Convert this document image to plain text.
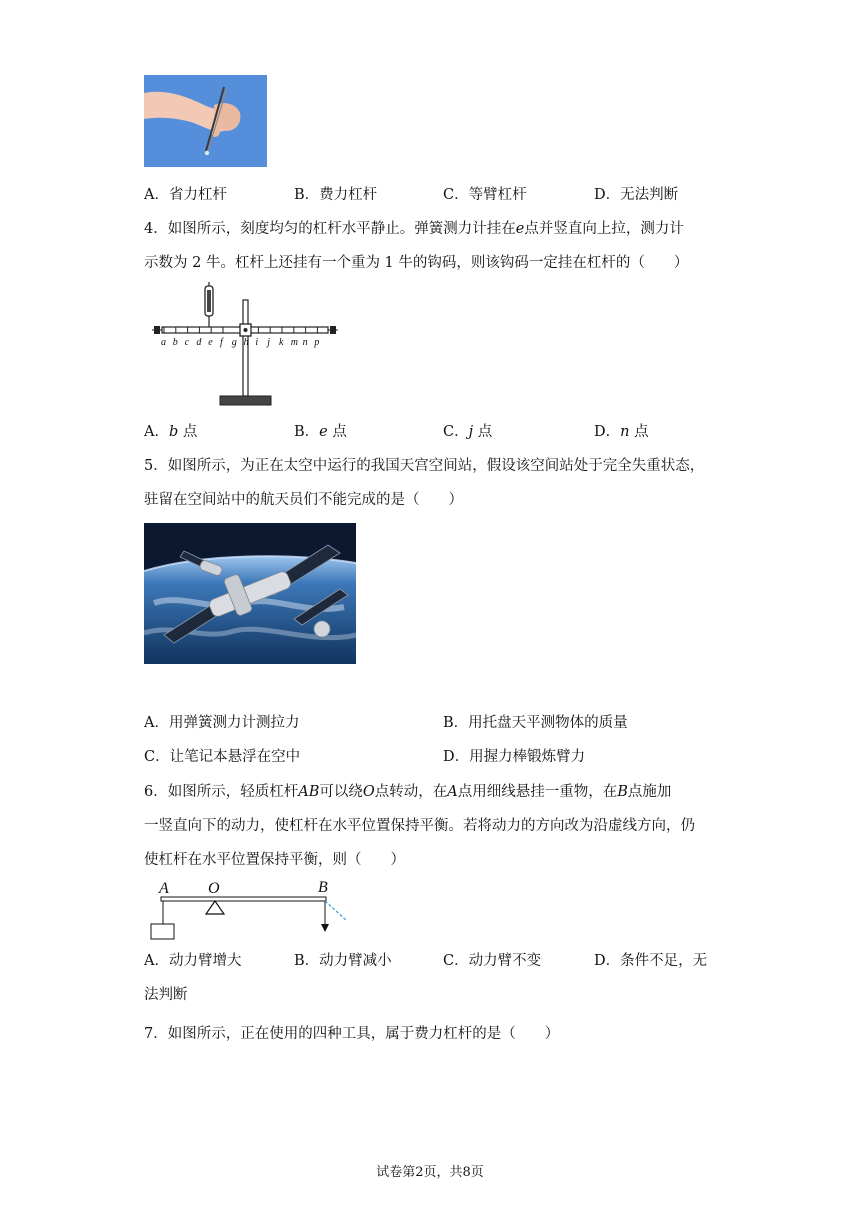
A．省力杠杆	B．费力杠杆	C．等臂杠杆	D．无法判断
4．如图所示，刻度均匀的杠杆水平静止。弹簧测力计挂在e点并竖直向上拉，测力计
示数为 2 牛。杠杆上还挂有一个重为 1 牛的钩码，则该钩码一定挂在杠杆的（　　）
a b c d e f g h i j k m n p
A．b 点	B．e 点	C．j 点	D．n 点
5．如图所示，为正在太空中运行的我国天宫空间站，假设该空间站处于完全失重状态，
驻留在空间站中的航天员们不能完成的是（　　）
A．用弹簧测力计测拉力	B．用托盘天平测物体的质量
C．让笔记本悬浮在空中	D．用握力棒锻炼臂力
6．如图所示，轻质杠杆AB可以绕O点转动，在A点用细线悬挂一重物，在B点施加
一竖直向下的动力，使杠杆在水平位置保持平衡。若将动力的方向改为沿虚线方向，仍
使杠杆在水平位置保持平衡，则（　　）
A O	B
A．动力臂增大	B．动力臂减小	C．动力臂不变	D．条件不足，无
法判断
7．如图所示，正在使用的四种工具，属于费力杠杆的是（　　）
试卷第2页，共8页
